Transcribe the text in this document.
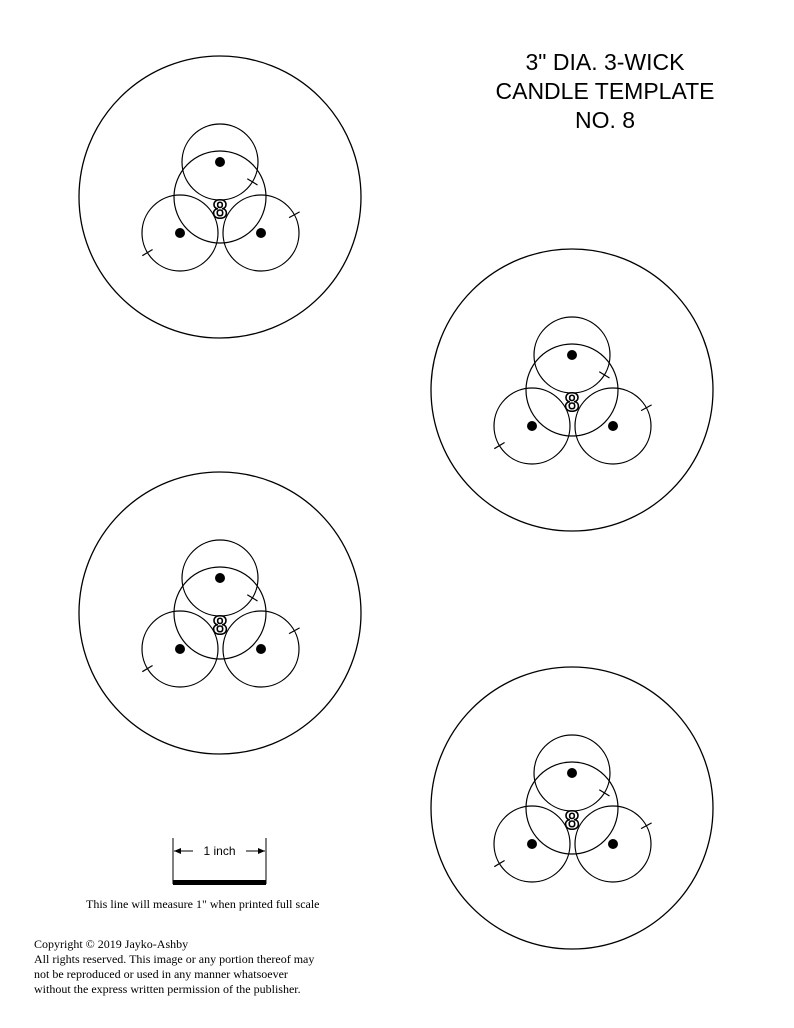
3" DIA. 3-WICK
CANDLE TEMPLATE
NO. 8
8
8
8
8
1 inch
This line will measure 1" when printed full scale
Copyright © 2019 Jayko-Ashby
All rights reserved. This image or any portion thereof may
not be reproduced or used in any manner whatsoever
without the express written permission of the publisher.
